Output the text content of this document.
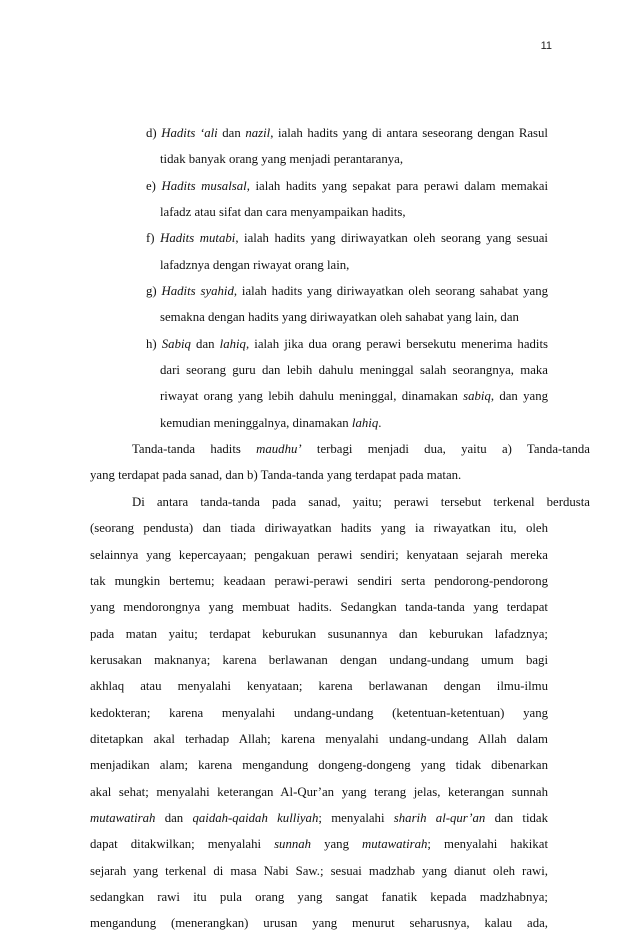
11
d) Hadits ‘ali dan nazil, ialah hadits yang di antara seseorang dengan Rasul
tidak banyak orang yang menjadi perantaranya,
e) Hadits musalsal, ialah hadits yang sepakat para perawi dalam memakai
lafadz atau sifat dan cara menyampaikan hadits,
f) Hadits mutabi, ialah hadits yang diriwayatkan oleh seorang yang sesuai
lafadznya dengan riwayat orang lain,
g) Hadits syahid, ialah hadits yang diriwayatkan oleh seorang sahabat yang
semakna dengan hadits yang diriwayatkan oleh sahabat yang lain, dan
h) Sabiq dan lahiq, ialah jika dua orang perawi bersekutu menerima hadits
dari seorang guru dan lebih dahulu meninggal salah seorangnya, maka
riwayat orang yang lebih dahulu meninggal, dinamakan sabiq, dan yang
kemudian meninggalnya, dinamakan lahiq.
Tanda-tanda hadits maudhu’ terbagi menjadi dua, yaitu a) Tanda-tanda
yang terdapat pada sanad, dan b) Tanda-tanda yang terdapat pada matan.
Di antara tanda-tanda pada sanad, yaitu; perawi tersebut terkenal berdusta
(seorang pendusta) dan tiada diriwayatkan hadits yang ia riwayatkan itu, oleh
selainnya yang kepercayaan; pengakuan perawi sendiri; kenyataan sejarah mereka
tak mungkin bertemu; keadaan perawi-perawi sendiri serta pendorong-pendorong
yang mendorongnya yang membuat hadits. Sedangkan tanda-tanda yang terdapat
pada matan yaitu; terdapat keburukan susunannya dan keburukan lafadznya;
kerusakan maknanya; karena berlawanan dengan undang-undang umum bagi
akhlaq atau menyalahi kenyataan; karena berlawanan dengan ilmu-ilmu
kedokteran; karena menyalahi undang-undang (ketentuan-ketentuan) yang
ditetapkan akal terhadap Allah; karena menyalahi undang-undang Allah dalam
menjadikan alam; karena mengandung dongeng-dongeng yang tidak dibenarkan
akal sehat; menyalahi keterangan Al-Qur’an yang terang jelas, keterangan sunnah
mutawatirah dan qaidah-qaidah kulliyah; menyalahi sharih al-qur’an dan tidak
dapat ditakwilkan; menyalahi sunnah yang mutawatirah; menyalahi hakikat
sejarah yang terkenal di masa Nabi Saw.; sesuai madzhab yang dianut oleh rawi,
sedangkan rawi itu pula orang yang sangat fanatik kepada madzhabnya;
mengandung (menerangkan) urusan yang menurut seharusnya, kalau ada,
